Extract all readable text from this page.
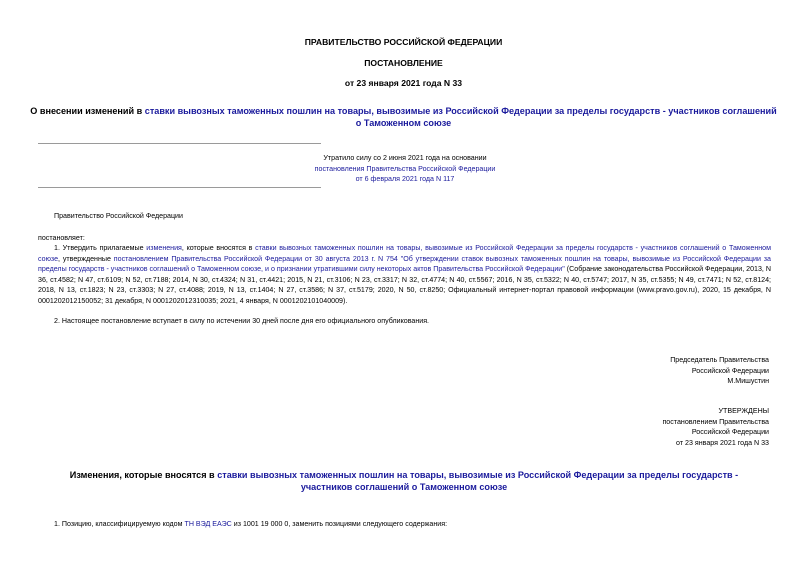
ПРАВИТЕЛЬСТВО РОССИЙСКОЙ ФЕДЕРАЦИИ
ПОСТАНОВЛЕНИЕ
от 23 января 2021 года N 33
О внесении изменений в ставки вывозных таможенных пошлин на товары, вывозимые из Российской Федерации за пределы государств - участников соглашений о Таможенном союзе
Утратило силу со 2 июня 2021 года на основании
постановления Правительства Российской Федерации
от 6 февраля 2021 года N 117
Правительство Российской Федерации
постановляет:
1. Утвердить прилагаемые изменения, которые вносятся в ставки вывозных таможенных пошлин на товары, вывозимые из Российской Федерации за пределы государств - участников соглашений о Таможенном союзе, утвержденные постановлением Правительства Российской Федерации от 30 августа 2013 г. N 754 "Об утверждении ставок вывозных таможенных пошлин на товары, вывозимые из Российской Федерации за пределы государств - участников соглашений о Таможенном союзе, и о признании утратившими силу некоторых актов Правительства Российской Федерации" (Собрание законодательства Российской Федерации, 2013, N 36, ст.4582; N 47, ст.6109; N 52, ст.7188; 2014, N 30, ст.4324; N 31, ст.4421; 2015, N 21, ст.3106; N 23, ст.3317; N 32, ст.4774; N 40, ст.5567; 2016, N 35, ст.5322; N 40, ст.5747; 2017, N 35, ст.5355; N 49, ст.7471; N 52, ст.8124; 2018, N 13, ст.1823; N 23, ст.3303; N 27, ст.4088; 2019, N 13, ст.1404; N 27, ст.3586; N 37, ст.5179; 2020, N 50, ст.8250; Официальный интернет-портал правовой информации (www.pravo.gov.ru), 2020, 15 декабря, N 0001202012150052; 31 декабря, N 0001202012310035; 2021, 4 января, N 0001202101040009).
2. Настоящее постановление вступает в силу по истечении 30 дней после дня его официального опубликования.
Председатель Правительства
Российской Федерации
М.Мишустин
УТВЕРЖДЕНЫ
постановлением Правительства
Российской Федерации
от 23 января 2021 года N 33
Изменения, которые вносятся в ставки вывозных таможенных пошлин на товары, вывозимые из Российской Федерации за пределы государств - участников соглашений о Таможенном союзе
1. Позицию, классифицируемую кодом ТН ВЭД ЕАЭС из 1001 19 000 0, заменить позициями следующего содержания:
